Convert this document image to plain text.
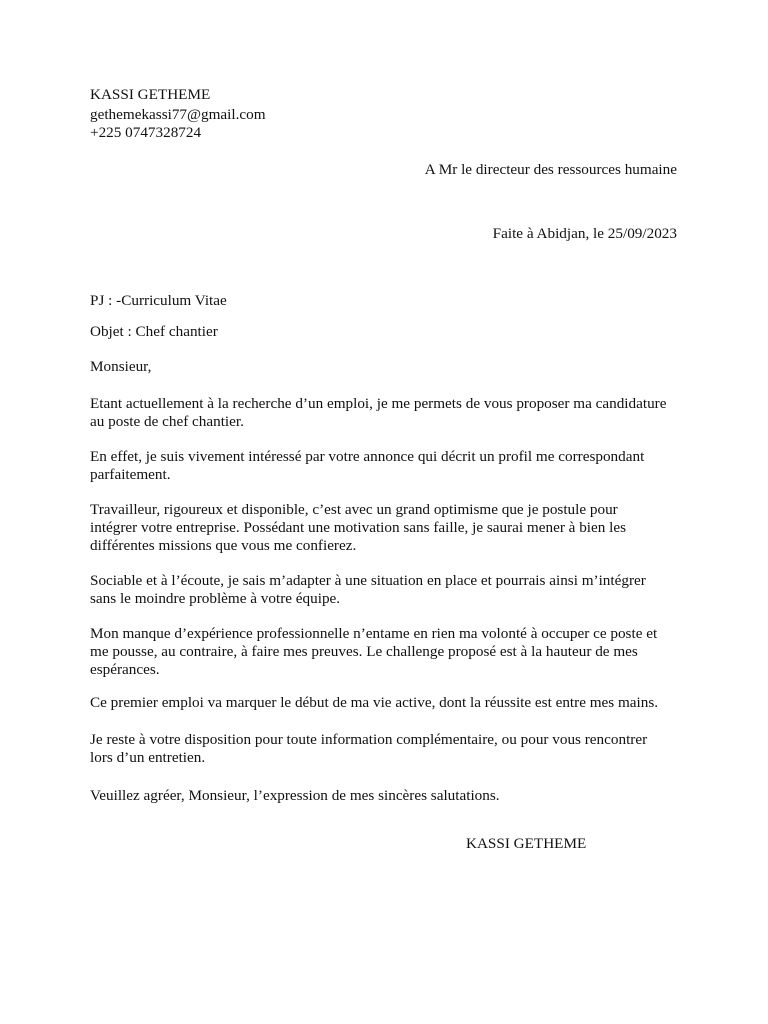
KASSI GETHEME
gethemekassi77@gmail.com
+225 0747328724
A Mr le directeur des ressources humaine
Faite à Abidjan, le 25/09/2023
PJ : -Curriculum Vitae
Objet : Chef chantier
Monsieur,
Etant actuellement à la recherche d’un emploi, je me permets de vous proposer ma candidature
au poste de chef chantier.
En effet, je suis vivement intéressé par votre annonce qui décrit un profil me correspondant
parfaitement.
Travailleur, rigoureux et disponible, c’est avec un grand optimisme que je postule pour
intégrer votre entreprise. Possédant une motivation sans faille, je saurai mener à bien les
différentes missions que vous me confierez.
Sociable et à l’écoute, je sais m’adapter à une situation en place et pourrais ainsi m’intégrer
sans le moindre problème à votre équipe.
Mon manque d’expérience professionnelle n’entame en rien ma volonté à occuper ce poste et
me pousse, au contraire, à faire mes preuves. Le challenge proposé est à la hauteur de mes
espérances.
Ce premier emploi va marquer le début de ma vie active, dont la réussite est entre mes mains.
Je reste à votre disposition pour toute information complémentaire, ou pour vous rencontrer
lors d’un entretien.
Veuillez agréer, Monsieur, l’expression de mes sincères salutations.
KASSI GETHEME
